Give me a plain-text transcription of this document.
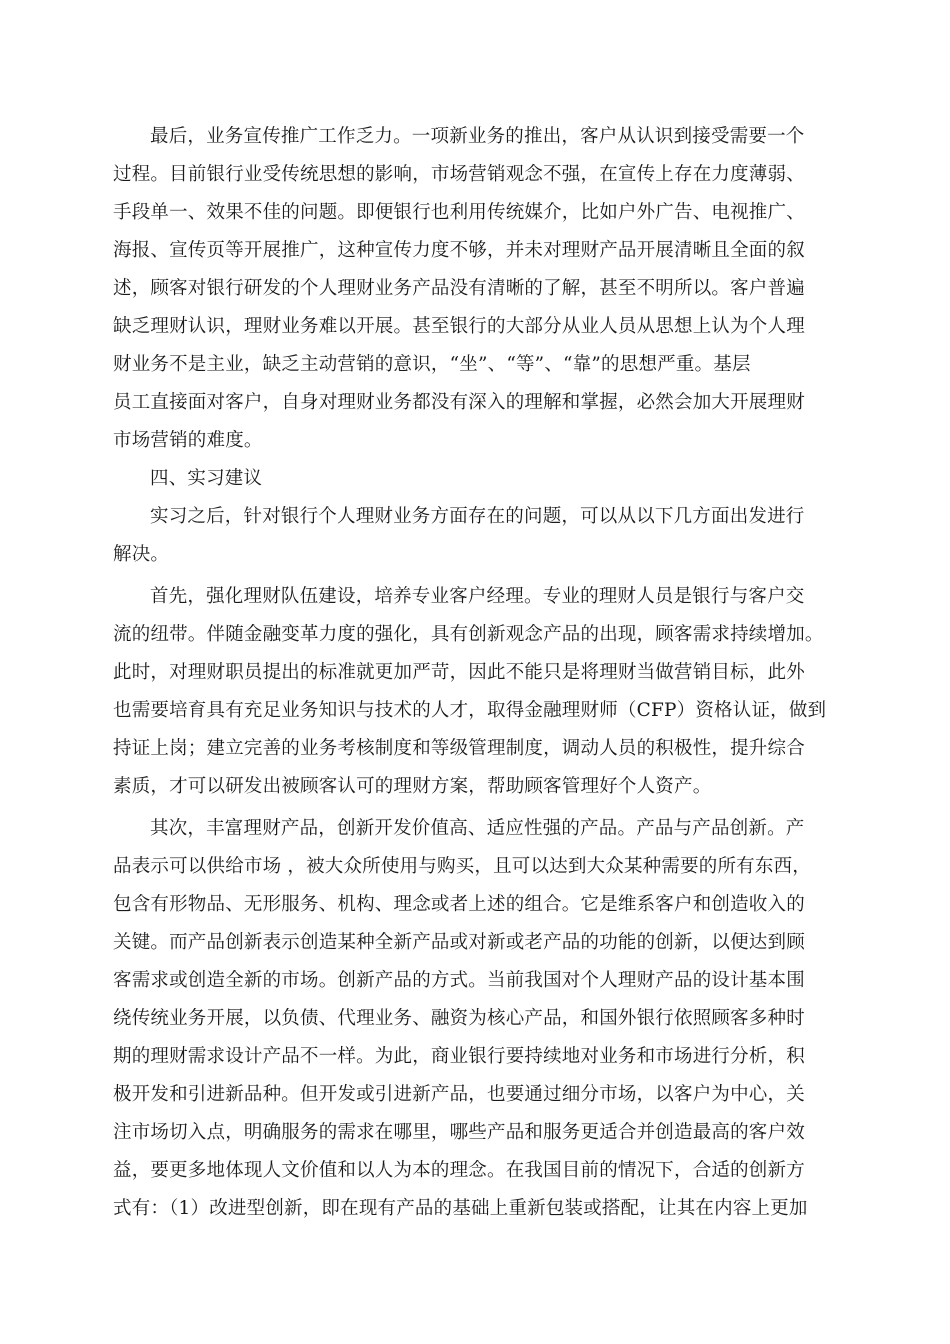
最后，业务宣传推广工作乏力。一项新业务的推出，客户从认识到接受需要一个
过程。目前银行业受传统思想的影响，市场营销观念不强，在宣传上存在力度薄弱、
手段单一、效果不佳的问题。即便银行也利用传统媒介，比如户外广告、电视推广、
海报、宣传页等开展推广，这种宣传力度不够，并未对理财产品开展清晰且全面的叙
述，顾客对银行研发的个人理财业务产品没有清晰的了解，甚至不明所以。客户普遍
缺乏理财认识，理财业务难以开展。甚至银行的大部分从业人员从思想上认为个人理
财业务不是主业，缺乏主动营销的意识，“坐”、“等”、“靠”的思想严重。基层
员工直接面对客户，自身对理财业务都没有深入的理解和掌握，必然会加大开展理财
市场营销的难度。
四、实习建议
实习之后，针对银行个人理财业务方面存在的问题，可以从以下几方面出发进行
解决。
首先，强化理财队伍建设，培养专业客户经理。专业的理财人员是银行与客户交
流的纽带。伴随金融变革力度的强化，具有创新观念产品的出现，顾客需求持续增加。
此时，对理财职员提出的标准就更加严苛，因此不能只是将理财当做营销目标，此外
也需要培育具有充足业务知识与技术的人才，取得金融理财师（CFP）资格认证，做到
持证上岗；建立完善的业务考核制度和等级管理制度，调动人员的积极性，提升综合
素质，才可以研发出被顾客认可的理财方案，帮助顾客管理好个人资产。
其次，丰富理财产品，创新开发价值高、适应性强的产品。产品与产品创新。产
品表示可以供给市场 ，被大众所使用与购买，且可以达到大众某种需要的所有东西，
包含有形物品、无形服务、机构、理念或者上述的组合。它是维系客户和创造收入的
关键。而产品创新表示创造某种全新产品或对新或老产品的功能的创新，以便达到顾
客需求或创造全新的市场。创新产品的方式。当前我国对个人理财产品的设计基本围
绕传统业务开展，以负债、代理业务、融资为核心产品，和国外银行依照顾客多种时
期的理财需求设计产品不一样。为此，商业银行要持续地对业务和市场进行分析，积
极开发和引进新品种。但开发或引进新产品，也要通过细分市场，以客户为中心，关
注市场切入点，明确服务的需求在哪里，哪些产品和服务更适合并创造最高的客户效
益，要更多地体现人文价值和以人为本的理念。在我国目前的情况下，合适的创新方
式有：（1）改进型创新，即在现有产品的基础上重新包装或搭配，让其在内容上更加
